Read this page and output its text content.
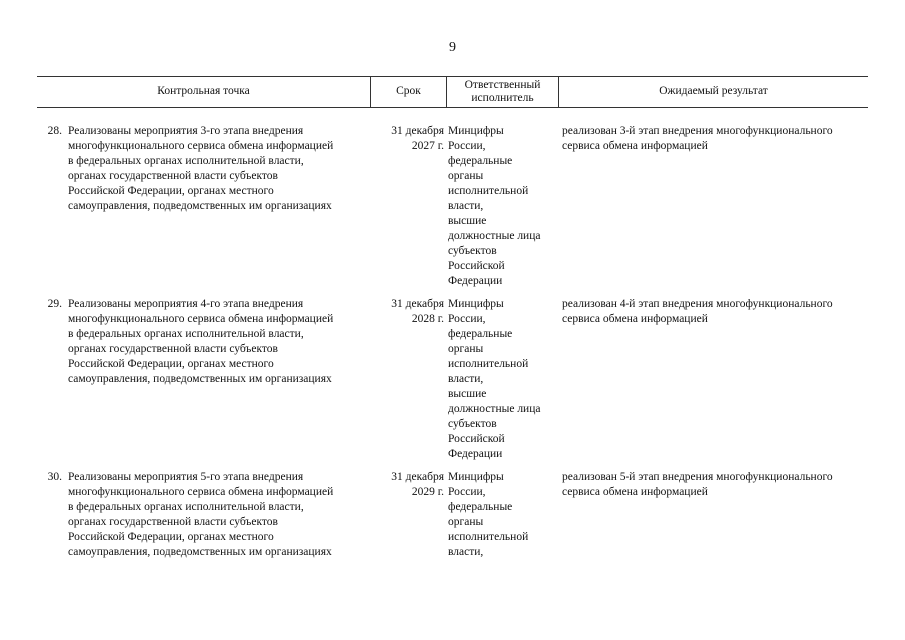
9
Контрольная точка	Срок
Ответственный
исполнитель
Ожидаемый результат
28. Реализованы мероприятия 3-го этапа внедрения
многофункционального сервиса обмена информацией
в федеральных органах исполнительной власти,
органах государственной власти субъектов
Российской Федерации, органах местного
самоуправления, подведомственных им организациях
31 декабря
2027 г.
Минцифры
России,
федеральные
органы
исполнительной
власти,
высшие
должностные лица
субъектов
Российской
Федерации
реализован 3-й этап внедрения многофункционального
сервиса обмена информацией
29. Реализованы мероприятия 4-го этапа внедрения
многофункционального сервиса обмена информацией
в федеральных органах исполнительной власти,
органах государственной власти субъектов
Российской Федерации, органах местного
самоуправления, подведомственных им организациях
31 декабря
2028 г.
Минцифры
России,
федеральные
органы
исполнительной
власти,
высшие
должностные лица
субъектов
Российской
Федерации
реализован 4-й этап внедрения многофункционального
сервиса обмена информацией
30. Реализованы мероприятия 5-го этапа внедрения
многофункционального сервиса обмена информацией
в федеральных органах исполнительной власти,
органах государственной власти субъектов
Российской Федерации, органах местного
самоуправления, подведомственных им организациях
31 декабря
2029 г.
Минцифры
России,
федеральные
органы
исполнительной
власти,
реализован 5-й этап внедрения многофункционального
сервиса обмена информацией
